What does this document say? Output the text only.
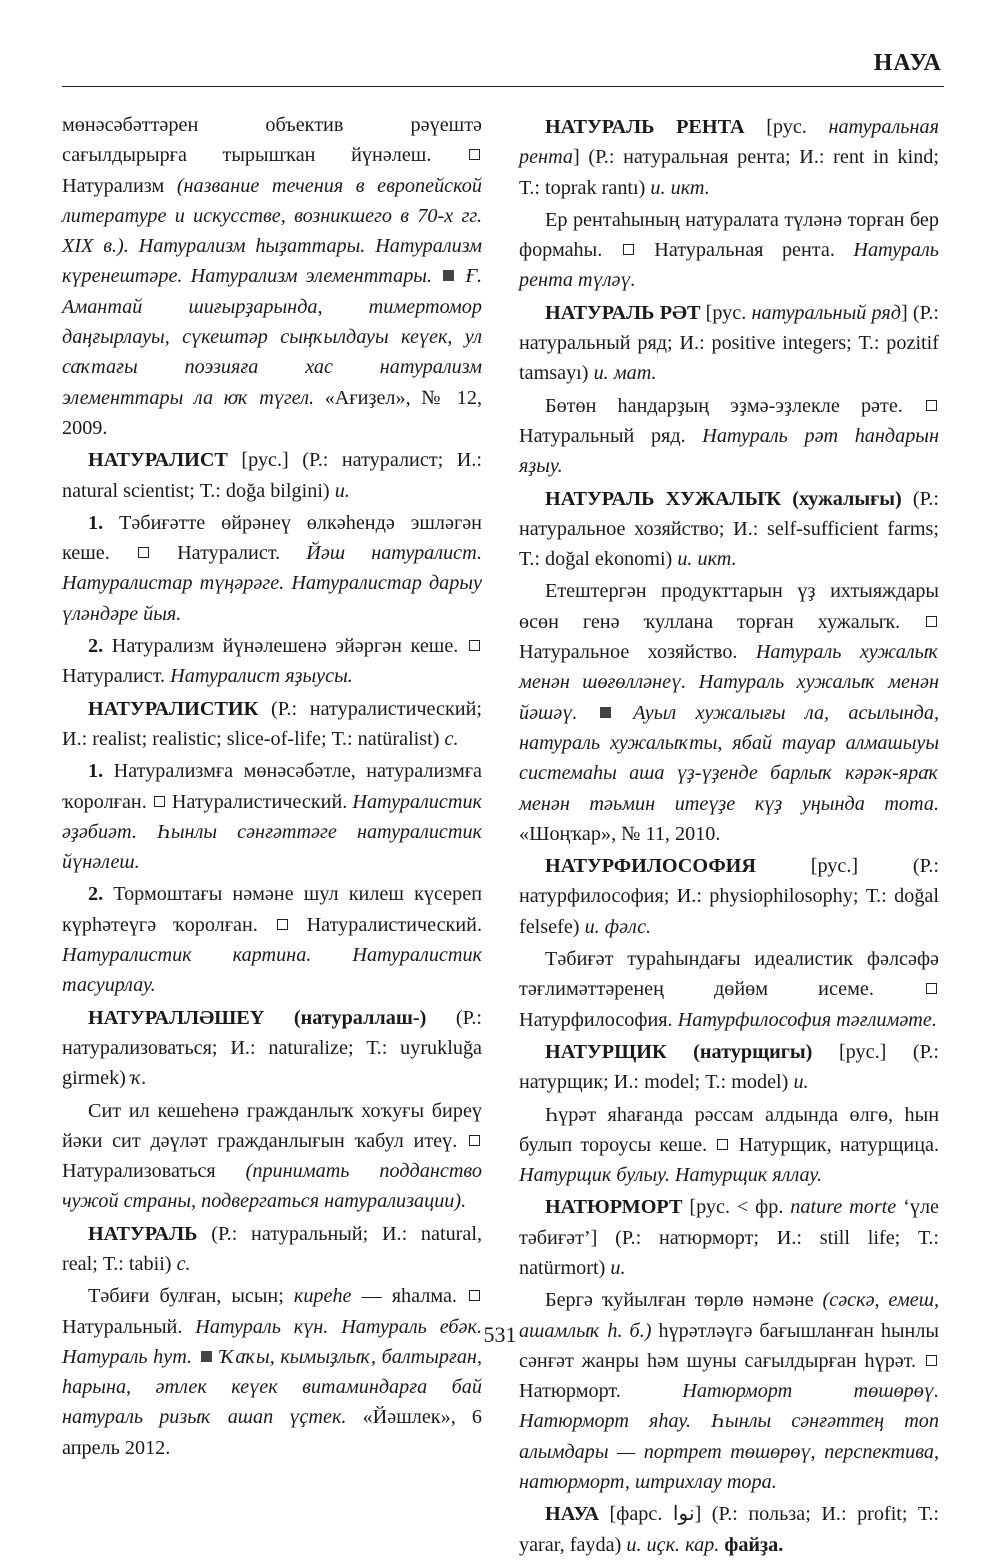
НАУА

мөнәсәбәттәрен объектив рәүештә сағылдырырға тырышҡан йүнәлеш.  Натурализм (название течения в европейской литературе и искусстве, возникшего в 70-х гг. XIX в.). Натурализм һыҙаттары. Натурализм күренештәре. Натурализм элементтары.  Ғ. Амантай шиғырҙарында, тимертомор даңғырлауы, сүкештәр сыңҡылдауы кеүек, ул саҡтағы поэзияға хас натурализм элементтары ла юҡ түгел. «Ағиҙел», № 12, 2009.

НАТУРАЛИСТ [рус.] (Р.: натуралист; И.: natural scientist; Т.: doğa bilgini) и.

1. Тәбиғәтте өйрәнеү өлкәһендә эшләгән кеше.  Натуралист. Йәш натуралист. Натуралистар түңәрәге. Натуралистар дарыу үләндәре йыя.

2. Натурализм йүнәлешенә эйәргән кеше.  Натуралист. Натуралист яҙыусы.

НАТУРАЛИСТИК (Р.: натуралистический; И.: realist; realistic; slice-of-life; Т.: natüralist) с.

1. Натурализмға мөнәсәбәтле, натурализмға ҡоролған.  Натуралистический. Натуралистик әҙәбиәт. Һынлы сәнғәттәге натуралистик йүнәлеш.

2. Тормоштағы нәмәне шул килеш күсереп күрһәтеүгә ҡоролған.  Натуралистический. Натуралистик картина. Натуралистик тасуирлау.

НАТУРАЛЛӘШЕҮ (натураллаш-) (Р.: натурализоваться; И.: naturalize; Т.: uyrukluğa girmek) ҡ.

Сит ил кешеһенә гражданлыҡ хоҡуғы биреү йәки сит дәүләт гражданлығын ҡабул итеү.  Натурализоваться (принимать подданство чужой страны, подвергаться натурализации).

НАТУРАЛЬ (Р.: натуральный; И.: natural, real; Т.: tabii) с.

Тәбиғи булған, ысын; киреһе — яһалма.  Натуральный. Натураль күн. Натураль ебәк. Натураль һут.  Ҡаҡы, кымыҙлыҡ, балтырған, һарына, әтлек кеүек витаминдарға бай натураль ризыҡ ашап үҫтек. «Йәшлек», 6 апрель 2012.

НАТУРАЛЬ РЕНТА [рус. натуральная рента] (Р.: натуральная рента; И.: rent in kind; Т.: toprak rantı) и. икт.

Ер рентаһының натуралата түләнә торған бер формаһы.  Натуральная рента. Натураль рента түләү.

НАТУРАЛЬ РӘТ [рус. натуральный ряд] (Р.: натуральный ряд; И.: positive integers; Т.: pozitif tamsayı) и. мат.

Бөтөн һандарҙың эҙмә-эҙлекле рәте.  Натуральный ряд. Натураль рәт һандарын яҙыу.

НАТУРАЛЬ ХУЖАЛЫҠ (хужалығы) (Р.: натуральное хозяйство; И.: self-sufficient farms; Т.: doğal ekonomi) и. икт.

Етештергән продукттарын үҙ ихтыяждары өсөн генә ҡуллана торған хужалыҡ.  Натуральное хозяйство. Натураль хужалыҡ менән шөғөлләнеү. Натураль хужалыҡ менән йәшәү.  Ауыл хужалығы ла, асылында, натураль хужалыҡты, ябай тауар алмашыуы системаһы аша үҙ-үҙенде барлыҡ кәрәк-яраҡ менән тәьмин итеүҙе күҙ уңында тота. «Шоңҡар», № 11, 2010.

НАТУРФИЛОСОФИЯ [рус.] (Р.: натурфилософия; И.: physiophilosophy; Т.: doğal felsefe) и. фәлс.

Тәбиғәт тураһындағы идеалистик фәлсәфә тәғлимәттәренең дөйөм исеме.  Натурфилософия. Натурфилософия тәғлимәте.

НАТУРЩИК (натурщигы) [рус.] (Р.: натурщик; И.: model; Т.: model) и.

Һүрәт яһағанда рәссам алдында өлгө, һын булып тороусы кеше.  Натурщик, натурщица. Натурщик булыу. Натурщик яллау.

НАТЮРМОРТ [рус. < фр. nature morte ‘үле тәбиғәт’] (Р.: натюрморт; И.: still life; Т.: natürmort) и.

Бергә ҡуйылған төрлө нәмәне (сәскә, емеш, ашамлыҡ һ. б.) һүрәтләүгә бағышланған һынлы сәнғәт жанры һәм шуны сағылдырған һүрәт.  Натюрморт. Натюрморт төшөрөү. Натюрморт яһау. Һынлы сәнғәттең топ алымдары — портрет төшөрөү, перспектива, натюрморт, штрихлау тора.

НАУА [фарс. نوا] (Р.: польза; И.: profit; Т.: yarar, fayda) и. иҫк. кар. файҙа.

531
